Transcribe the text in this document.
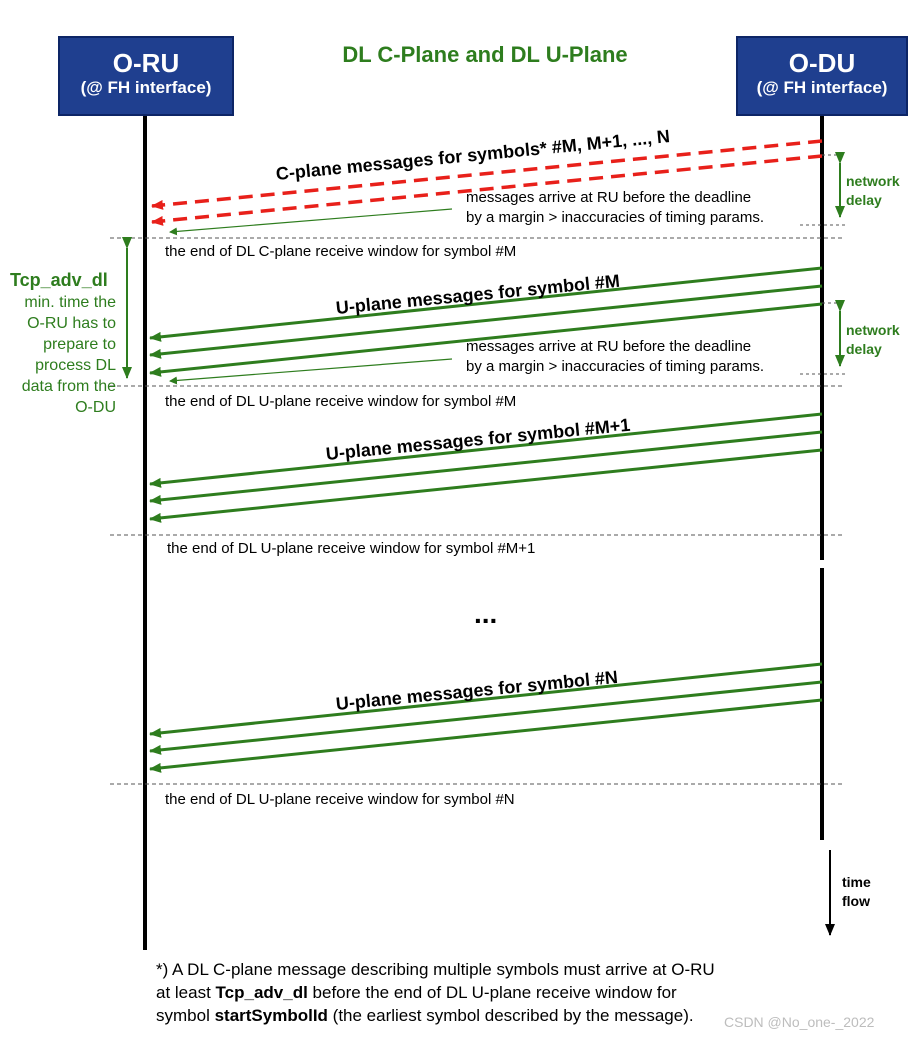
O-RU
(@ FH interface)
O-DU
(@ FH interface)
DL C-Plane and DL U-Plane
C-plane messages for symbols* #M, M+1, ..., N
U-plane messages for symbol #M
U-plane messages for symbol #M+1
U-plane messages for symbol #N
messages arrive at RU before the deadline
by a margin > inaccuracies of timing params.
messages arrive at RU before the deadline
by a margin > inaccuracies of timing params.
the end of DL C-plane receive window for symbol #M
the end of DL U-plane receive window for symbol #M
the end of DL U-plane receive window for symbol #M+1
the end of DL U-plane receive window for symbol #N
network
delay
network
delay
Tcp_adv_dl
min. time the O-RU has to prepare to process DL data from the O-DU
...
time
flow
*) A DL C-plane message describing multiple symbols must arrive at O-RU
at least Tcp_adv_dl before the end of DL U-plane receive window for
symbol startSymbolId (the earliest symbol described by the message).	CSDN @No_one-_2022
